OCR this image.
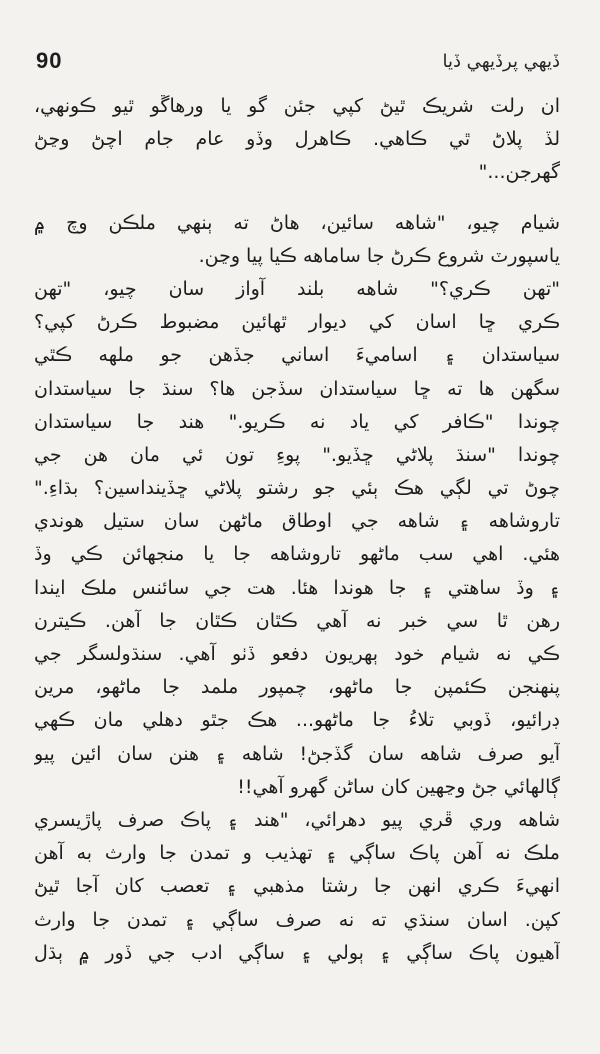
90	ڏيهي پرڏيهي ڏيا
ان رلت شريڪ ٿيڻ کپي جئن گو يا ورهاڱو ٿيو ڪونهي،
لڏ پلاڻ ٿي ڪاهي. ڪاهرل وڏو عام جام اچڻ وڃڻ
گهرجن..."
شيام چيو، "شاهه سائين، هاڻ ته ٻنهي ملڪن وچ ۾
ياسپورٽ شروع ڪرڻ جا ساماهه ڪيا پيا وڃن.
"تهن ڪري؟" شاهه بلند آواز سان چيو، "تهن
ڪري ڇا اسان کي ديوار ٿهائين مضبوط ڪرڻ کپي؟
سياستدان ۽ اساميءَ اساني جڏهن جو ملهه ڪٿي
سگهن ها ته ڇا سياستدان سڏجن ها؟ سنڌ جا سياستدان
چوندا "ڪافر کي ياد نه ڪريو." هند جا سياستدان
چوندا "سنڌ پلاڻي ڇڏيو." پوءِ تون ئي مان هن جي
چوڻ تي لڳي هڪ ٻئي جو رشتو پلاڻي ڇڏينداسين؟ بڌاءِ."
تاروشاهه ۽ شاهه جي اوطاق ماڻهن سان ستيل هوندي
هئي. اهي سب ماڻهو تاروشاهه جا يا منجهائن ڪي وڏ
۽ وڏ ساهتي ۽ جا هوندا هئا. هت جي سائنس ملڪ ايندا
رهن ٿا سي خبر نه آهي ڪٿان ڪٿان جا آهن. ڪيترن
ڪي نه شيام خود ٻهريون دفعو ڏٺو آهي. سنڌولسگر جي
پنهنجن ڪئمپن جا ماڻهو، چمپور ملمد جا ماڻهو، مرين
ڊرائيو، ڏوبي تلاءُ جا ماڻهو... هڪ جٿو دهلي مان ڪهي
آيو صرف شاهه سان گڏجڻ! شاهه ۽ هنن سان ائين پيو
ڳالهائي جڻ وڃهين کان ساڻن گهرو آهي!!
شاهه وري ڦري پيو دهرائي، "هند ۽ پاڪ صرف پاڙيسري
ملڪ نه آهن پاڪ ساڳي ۽ تهذيب و تمدن جا وارث به آهن
انهيءَ ڪري انهن جا رشتا مذهبي ۽ تعصب کان آجا ٿيڻ
کپن. اسان سنڌي ته نه صرف ساڳي ۽ تمدن جا وارث
آهيون پاڪ ساڳي ۽ ٻولي ۽ ساڳي ادب جي ڏور ۾ ٻڌل
